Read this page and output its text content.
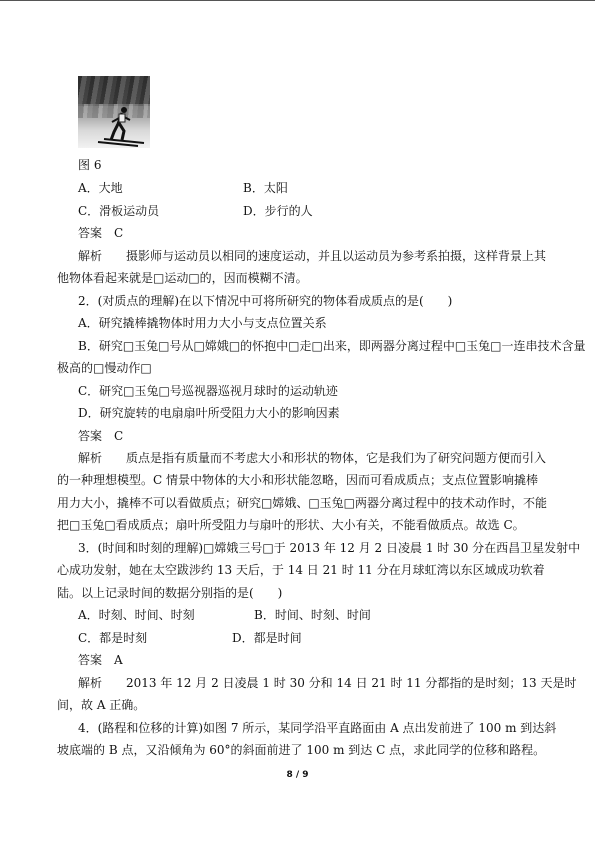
图 6
A．大地	B．太阳
C．滑板运动员	D．步行的人
答案　C
解析　　摄影师与运动员以相同的速度运动，并且以运动员为参考系拍摄，这样背景上其
他物体看起来就是□运动□的，因而模糊不清。
2．(对质点的理解)在以下情况中可将所研究的物体看成质点的是(　　)
A．研究撬棒撬物体时用力大小与支点位置关系
B．研究□玉兔□号从□嫦娥□的怀抱中□走□出来，即两器分离过程中□玉兔□一连串技术含量
极高的□慢动作□
C．研究□玉兔□号巡视器巡视月球时的运动轨迹
D．研究旋转的电扇扇叶所受阻力大小的影响因素
答案　C
解析　　质点是指有质量而不考虑大小和形状的物体，它是我们为了研究问题方便而引入
的一种理想模型。C 情景中物体的大小和形状能忽略，因而可看成质点；支点位置影响撬棒
用力大小，撬棒不可以看做质点；研究□嫦娥、□玉兔□两器分离过程中的技术动作时，不能
把□玉兔□看成质点；扇叶所受阻力与扇叶的形状、大小有关，不能看做质点。故选 C。
3．(时间和时刻的理解)□嫦娥三号□于 2013 年 12 月 2 日凌晨 1 时 30 分在西昌卫星发射中
心成功发射，她在太空跋涉约 13 天后，于 14 日 21 时 11 分在月球虹湾以东区域成功软着
陆。以上记录时间的数据分别指的是(　　)
A．时刻、时间、时刻	B．时间、时刻、时间
C．都是时刻	D．都是时间
答案　A
解析　　2013 年 12 月 2 日凌晨 1 时 30 分和 14 日 21 时 11 分都指的是时刻；13 天是时
间，故 A 正确。
4．(路程和位移的计算)如图 7 所示，某同学沿平直路面由 A 点出发前进了 100 m 到达斜
坡底端的 B 点，又沿倾角为 60°的斜面前进了 100 m 到达 C 点，求此同学的位移和路程。
8 / 9
